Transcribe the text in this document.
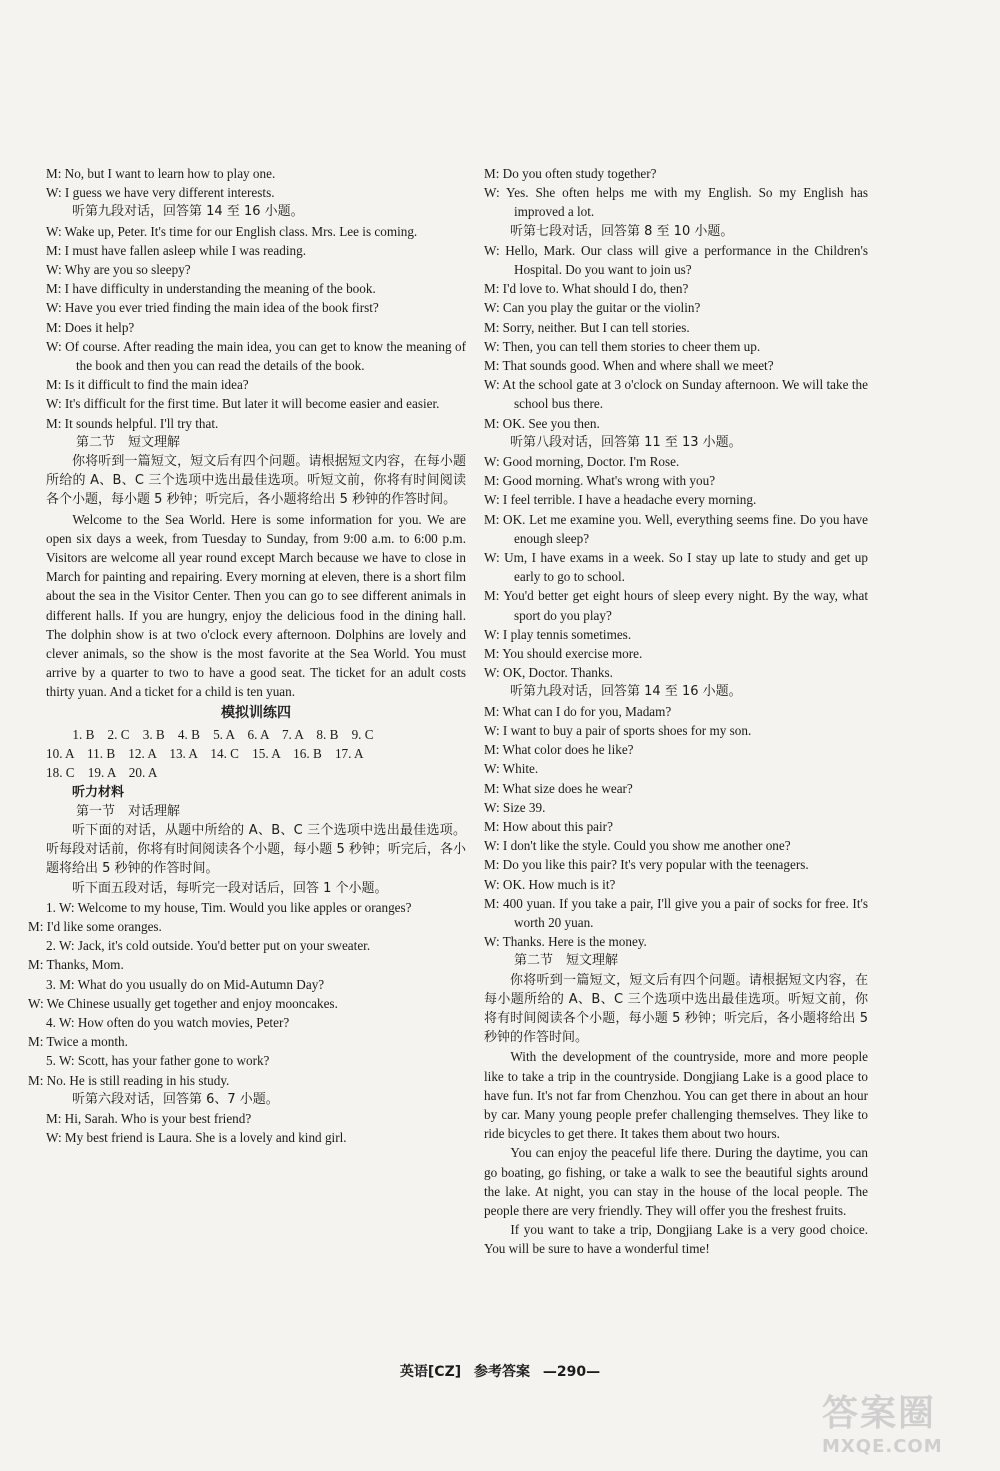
M: No, but I want to learn how to play one.

W: I guess we have very different interests.

听第九段对话，回答第 14 至 16 小题。

W: Wake up, Peter. It's time for our English class. Mrs. Lee is coming.

M: I must have fallen asleep while I was reading.

W: Why are you so sleepy?

M: I have difficulty in understanding the meaning of the book.

W: Have you ever tried finding the main idea of the book first?

M: Does it help?

W: Of course. After reading the main idea, you can get to know the meaning of the book and then you can read the details of the book.

M: Is it difficult to find the main idea?

W: It's difficult for the first time. But later it will become easier and easier.

M: It sounds helpful. I'll try that.

第二节　短文理解

你将听到一篇短文，短文后有四个问题。请根据短文内容，在每小题所给的 A、B、C 三个选项中选出最佳选项。听短文前，你将有时间阅读各个小题，每小题 5 秒钟；听完后，各小题将给出 5 秒钟的作答时间。

Welcome to the Sea World. Here is some information for you. We are open six days a week, from Tuesday to Sunday, from 9:00 a.m. to 6:00 p.m. Visitors are welcome all year round except March because we have to close in March for painting and repairing. Every morning at eleven, there is a short film about the sea in the Visitor Center. Then you can go to see different animals in different halls. If you are hungry, enjoy the delicious food in the dining hall. The dolphin show is at two o'clock every afternoon. Dolphins are lovely and clever animals, so the show is the most favorite at the Sea World. You must arrive by a quarter to two to have a good seat. The ticket for an adult costs thirty yuan. And a ticket for a child is ten yuan.

模拟训练四

1. B　2. C　3. B　4. B　5. A　6. A　7. A　8. B　9. C

10. A　11. B　12. A　13. A　14. C　15. A　16. B　17. A

18. C　19. A　20. A

听力材料

第一节　对话理解

听下面的对话，从题中所给的 A、B、C 三个选项中选出最佳选项。听每段对话前，你将有时间阅读各个小题，每小题 5 秒钟；听完后，各小题将给出 5 秒钟的作答时间。

听下面五段对话，每听完一段对话后，回答 1 个小题。

1. W: Welcome to my house, Tim. Would you like apples or oranges?

M: I'd like some oranges.

2. W: Jack, it's cold outside. You'd better put on your sweater.

M: Thanks, Mom.

3. M: What do you usually do on Mid-Autumn Day?

W: We Chinese usually get together and enjoy mooncakes.

4. W: How often do you watch movies, Peter?

M: Twice a month.

5. W: Scott, has your father gone to work?

M: No. He is still reading in his study.

听第六段对话，回答第 6、7 小题。

M: Hi, Sarah. Who is your best friend?

W: My best friend is Laura. She is a lovely and kind girl.

M: Do you often study together?

W: Yes. She often helps me with my English. So my English has improved a lot.

听第七段对话，回答第 8 至 10 小题。

W: Hello, Mark. Our class will give a performance in the Children's Hospital. Do you want to join us?

M: I'd love to. What should I do, then?

W: Can you play the guitar or the violin?

M: Sorry, neither. But I can tell stories.

W: Then, you can tell them stories to cheer them up.

M: That sounds good. When and where shall we meet?

W: At the school gate at 3 o'clock on Sunday afternoon. We will take the school bus there.

M: OK. See you then.

听第八段对话，回答第 11 至 13 小题。

W: Good morning, Doctor. I'm Rose.

M: Good morning. What's wrong with you?

W: I feel terrible. I have a headache every morning.

M: OK. Let me examine you. Well, everything seems fine. Do you have enough sleep?

W: Um, I have exams in a week. So I stay up late to study and get up early to go to school.

M: You'd better get eight hours of sleep every night. By the way, what sport do you play?

W: I play tennis sometimes.

M: You should exercise more.

W: OK, Doctor. Thanks.

听第九段对话，回答第 14 至 16 小题。

M: What can I do for you, Madam?

W: I want to buy a pair of sports shoes for my son.

M: What color does he like?

W: White.

M: What size does he wear?

W: Size 39.

M: How about this pair?

W: I don't like the style. Could you show me another one?

M: Do you like this pair? It's very popular with the teenagers.

W: OK. How much is it?

M: 400 yuan. If you take a pair, I'll give you a pair of socks for free. It's worth 20 yuan.

W: Thanks. Here is the money.

第二节　短文理解

你将听到一篇短文，短文后有四个问题。请根据短文内容，在每小题所给的 A、B、C 三个选项中选出最佳选项。听短文前，你将有时间阅读各个小题，每小题 5 秒钟；听完后，各小题将给出 5 秒钟的作答时间。

With the development of the countryside, more and more people like to take a trip in the countryside. Dongjiang Lake is a good place to have fun. It's not far from Chenzhou. You can get there in about an hour by car. Many young people prefer challenging themselves. They like to ride bicycles to get there. It takes them about two hours.

You can enjoy the peaceful life there. During the daytime, you can go boating, go fishing, or take a walk to see the beautiful sights around the lake. At night, you can stay in the house of the local people. The people there are very friendly. They will offer you the freshest fruits.

If you want to take a trip, Dongjiang Lake is a very good choice. You will be sure to have a wonderful time!

英语[CZ] 参考答案 —290—
答案圈
MXQE.COM
